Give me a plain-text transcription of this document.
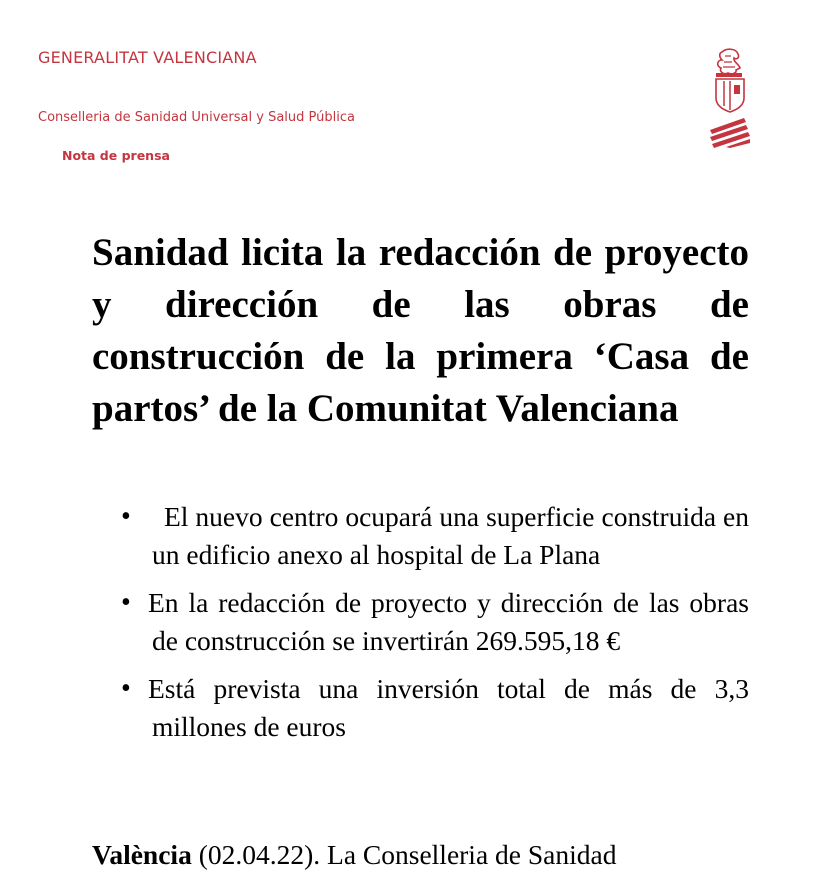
GENERALITAT VALENCIANA
Conselleria de Sanidad Universal y Salud Pública
Nota de prensa
Sanidad licita la redacción de proyecto y dirección de las obras de construcción de la primera ‘Casa de partos’ de la Comunitat Valenciana
•	El nuevo centro ocupará una superficie construida en un edificio anexo al hospital de La Plana
• En la redacción de proyecto y dirección de las obras de construcción se invertirán 269.595,18 €
• Está prevista una inversión total de más de 3,3 millones de euros
València (02.04.22). La Conselleria de Sanidad
